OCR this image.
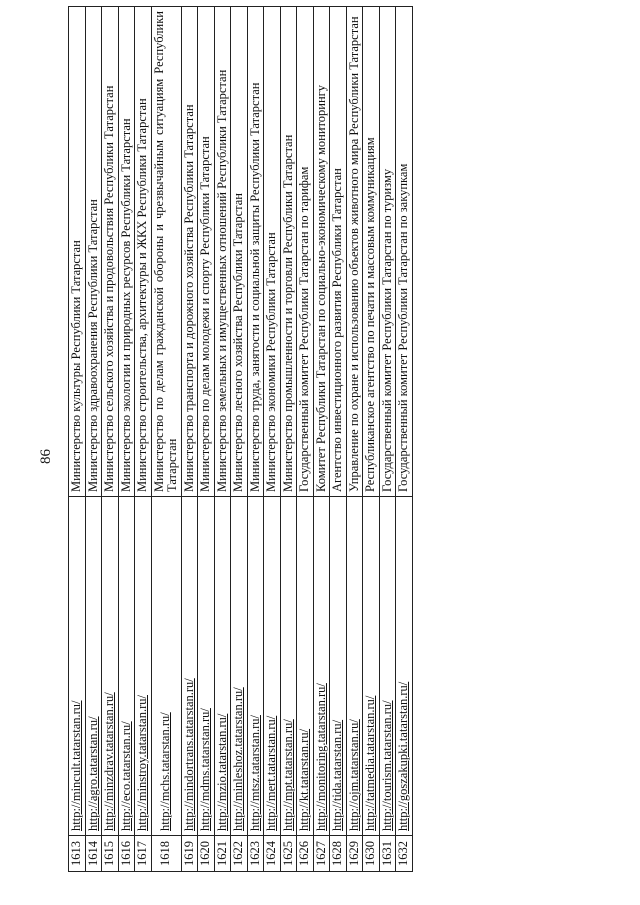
86
1613	http://mincult.tatarstan.ru/	Министерство культуры Республики Татарстан
1614	http://agro.tatarstan.ru/	Министерство здравоохранения Республики Татарстан
1615	http://minzdrav.tatarstan.ru/	Министерство сельского хозяйства и продовольствия Республики Татарстан
1616	http://eco.tatarstan.ru/	Министерство экологии и природных ресурсов Республики Татарстан
1617	http://minstroy.tatarstan.ru/	Министерство строительства, архитектуры и ЖКХ Республики Татарстан
1618	http://mchs.tatarstan.ru/	Министерство по делам гражданской обороны и чрезвычайным ситуациям Республики Татарстан
1619	http://mindortrans.tatarstan.ru/	Министерство транспорта и дорожного хозяйства Республики Татарстан
1620	http://mdms.tatarstan.ru/	Министерство по делам молодежи и спорту Республики Татарстан
1621	http://mzio.tatarstan.ru/	Министерство земельных и имущественных отношений Республики Татарстан
1622	http://minleshoz.tatarstan.ru/	Министерство лесного хозяйства Республики Татарстан
1623	http://mtsz.tatarstan.ru/	Министерство труда, занятости и социальной защиты Республики Татарстан
1624	http://mert.tatarstan.ru/	Министерство экономики Республики Татарстан
1625	http://mpt.tatarstan.ru/	Министерство промышленности и торговли Республики Татарстан
1626	http://kt.tatarstan.ru/	Государственный комитет Республики Татарстан по тарифам
1627	http://monitoring.tatarstan.ru/	Комитет Республики Татарстан по социально-экономическому мониторингу
1628	http://tida.tatarstan.ru/	Агентство инвестиционного развития Республики Татарстан
1629	http://ojm.tatarstan.ru/	Управление по охране и использованию объектов животного мира Республики Татарстан
1630	http://tatmedia.tatarstan.ru/	Республиканское агентство по печати и массовым коммуникациям
1631	http://tourism.tatarstan.ru/	Государственный комитет Республики Татарстан по туризму
1632	http://goszakupki.tatarstan.ru/	Государственный комитет Республики Татарстан по закупкам
